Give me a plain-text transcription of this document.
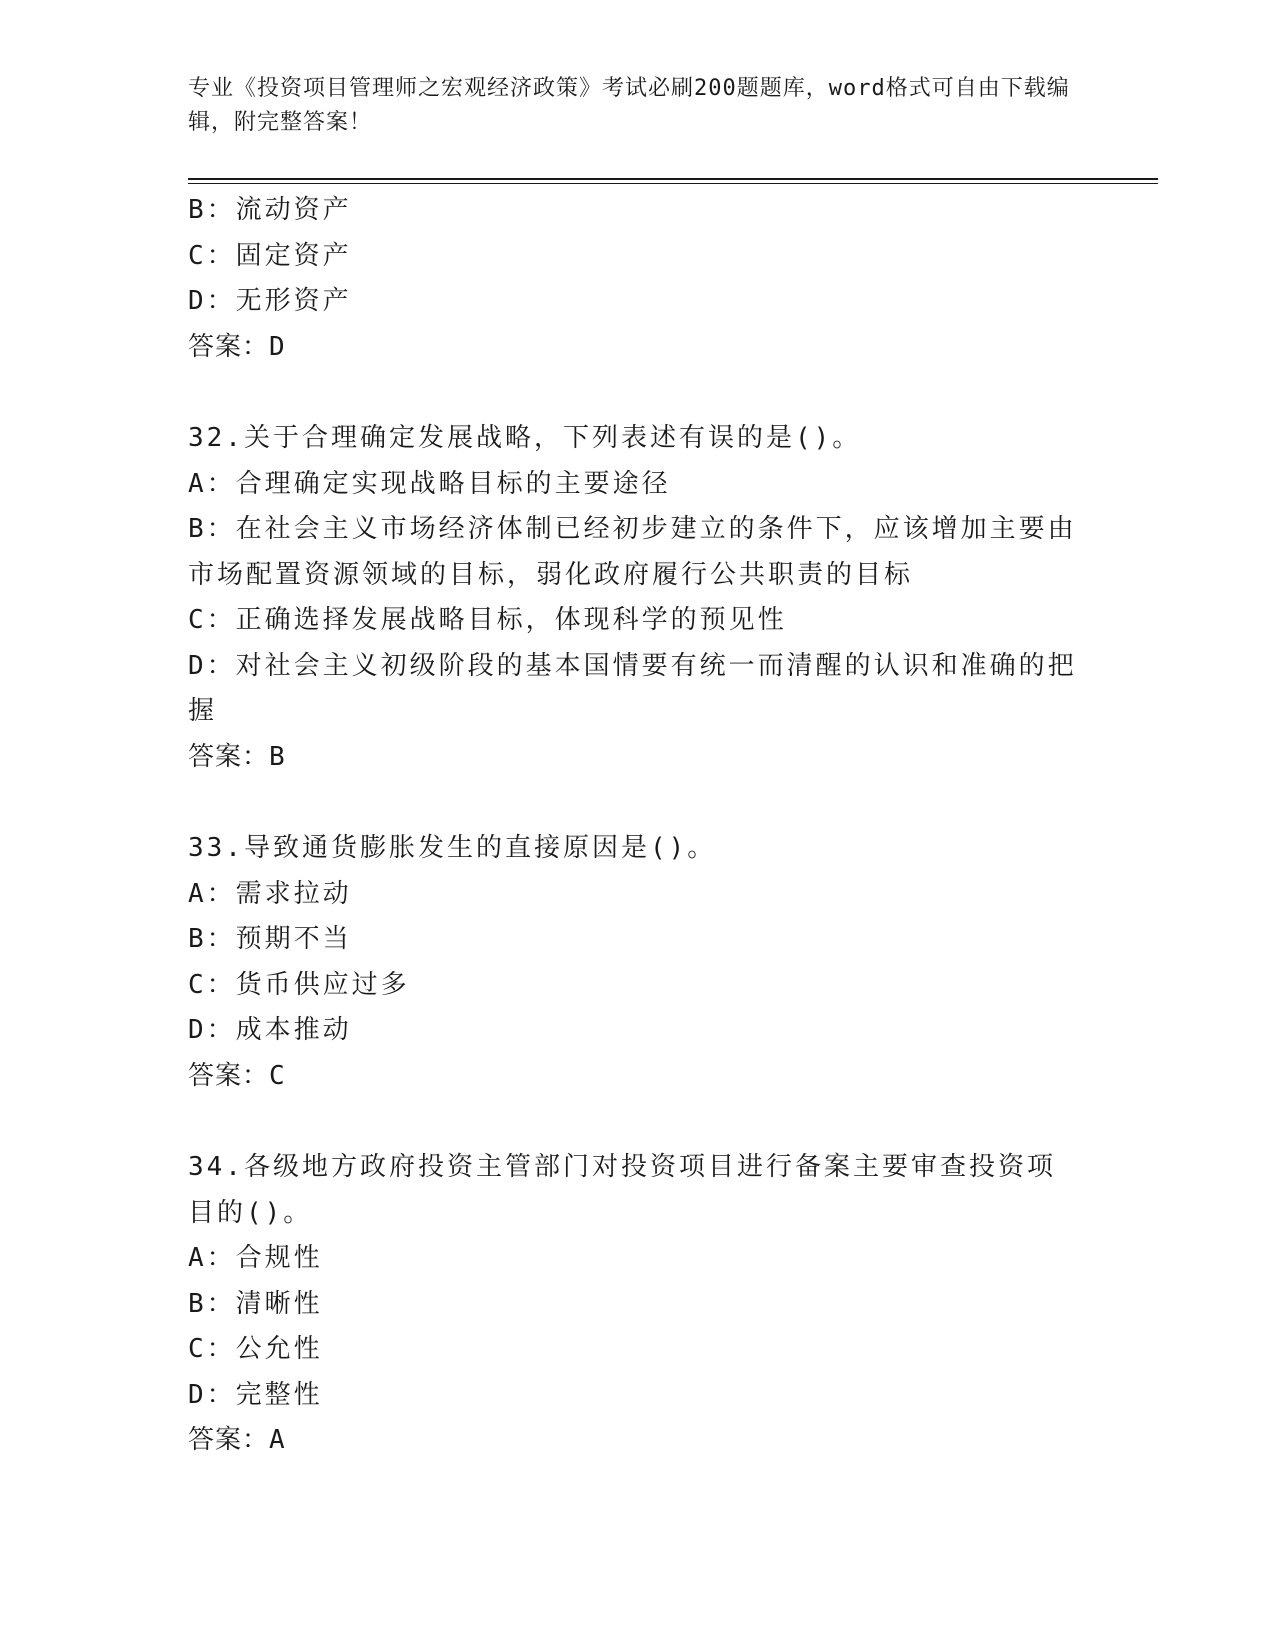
专业《投资项目管理师之宏观经济政策》考试必刷200题题库，word格式可自由下载编辑，附完整答案！

B：流动资产

C：固定资产

D：无形资产

答案：D

32.关于合理确定发展战略，下列表述有误的是()。

A：合理确定实现战略目标的主要途径

B：在社会主义市场经济体制已经初步建立的条件下，应该增加主要由市场配置资源领域的目标，弱化政府履行公共职责的目标

C：正确选择发展战略目标，体现科学的预见性

D：对社会主义初级阶段的基本国情要有统一而清醒的认识和准确的把握

答案：B

33.导致通货膨胀发生的直接原因是()。

A：需求拉动

B：预期不当

C：货币供应过多

D：成本推动

答案：C

34.各级地方政府投资主管部门对投资项目进行备案主要审查投资项目的()。

A：合规性

B：清晰性

C：公允性

D：完整性

答案：A
